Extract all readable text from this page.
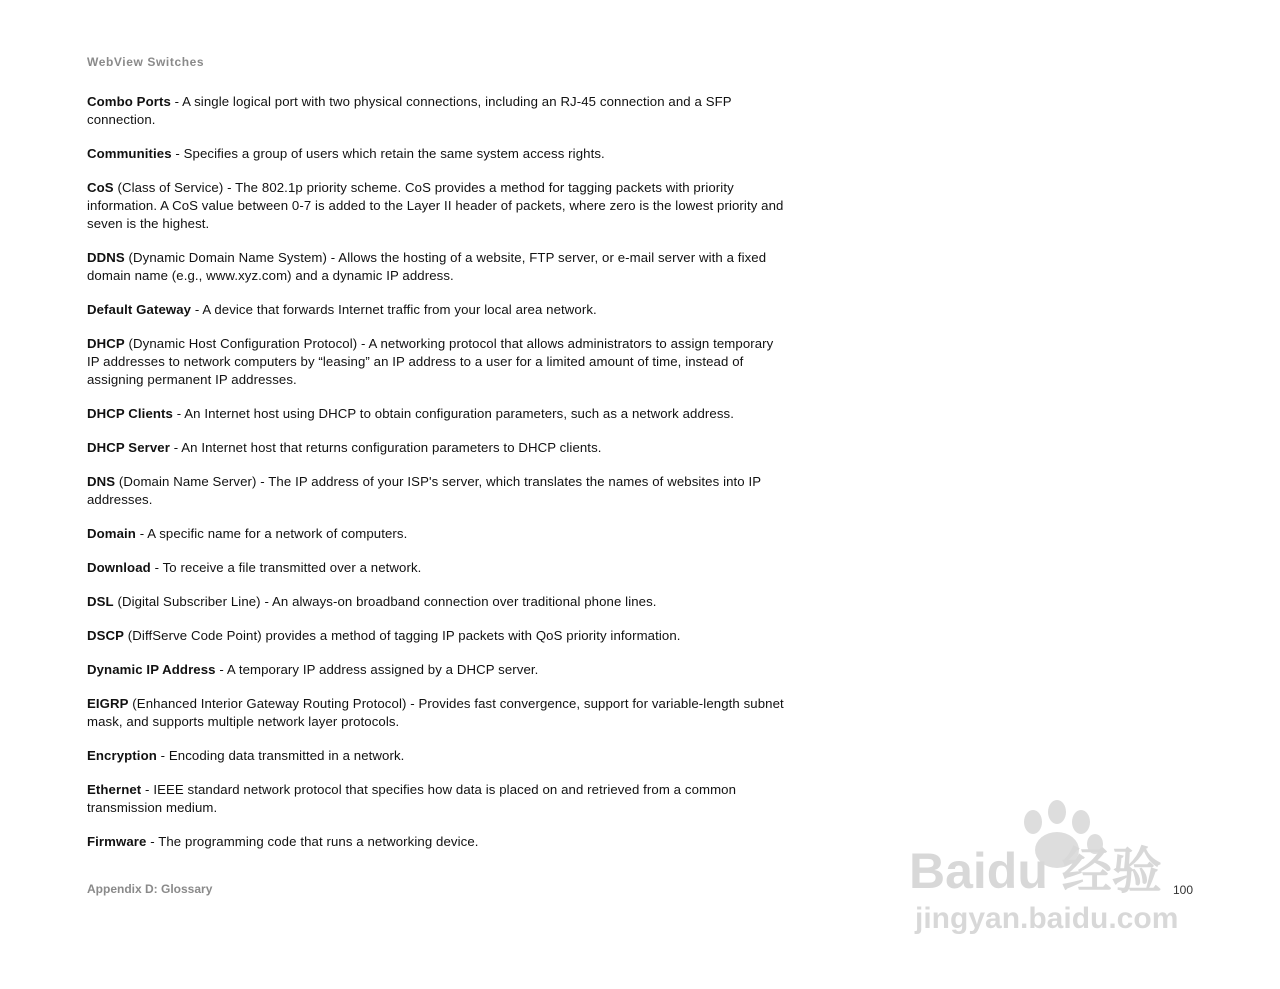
WebView Switches

Combo Ports - A single logical port with two physical connections, including an RJ-45 connection and a SFP connection.

Communities - Specifies a group of users which retain the same system access rights.

CoS (Class of Service) - The 802.1p priority scheme. CoS provides a method for tagging packets with priority information. A CoS value between 0-7 is added to the Layer II header of packets, where zero is the lowest priority and seven is the highest.

DDNS (Dynamic Domain Name System) - Allows the hosting of a website, FTP server, or e-mail server with a fixed domain name (e.g., www.xyz.com) and a dynamic IP address.

Default Gateway - A device that forwards Internet traffic from your local area network.

DHCP (Dynamic Host Configuration Protocol) - A networking protocol that allows administrators to assign temporary IP addresses to network computers by “leasing” an IP address to a user for a limited amount of time, instead of assigning permanent IP addresses.

DHCP Clients - An Internet host using DHCP to obtain configuration parameters, such as a network address.

DHCP Server - An Internet host that returns configuration parameters to DHCP clients.

DNS (Domain Name Server) - The IP address of your ISP's server, which translates the names of websites into IP addresses.

Domain - A specific name for a network of computers.

Download - To receive a file transmitted over a network.

DSL (Digital Subscriber Line) - An always-on broadband connection over traditional phone lines.

DSCP (DiffServe Code Point) provides a method of tagging IP packets with QoS priority information.

Dynamic IP Address - A temporary IP address assigned by a DHCP server.

EIGRP (Enhanced Interior Gateway Routing Protocol) - Provides fast convergence, support for variable-length subnet mask, and supports multiple network layer protocols.

Encryption - Encoding data transmitted in a network.

Ethernet - IEEE standard network protocol that specifies how data is placed on and retrieved from a common transmission medium.

Firmware - The programming code that runs a networking device.

Appendix D: Glossary	100
Baidu 经验
jingyan.baidu.com
